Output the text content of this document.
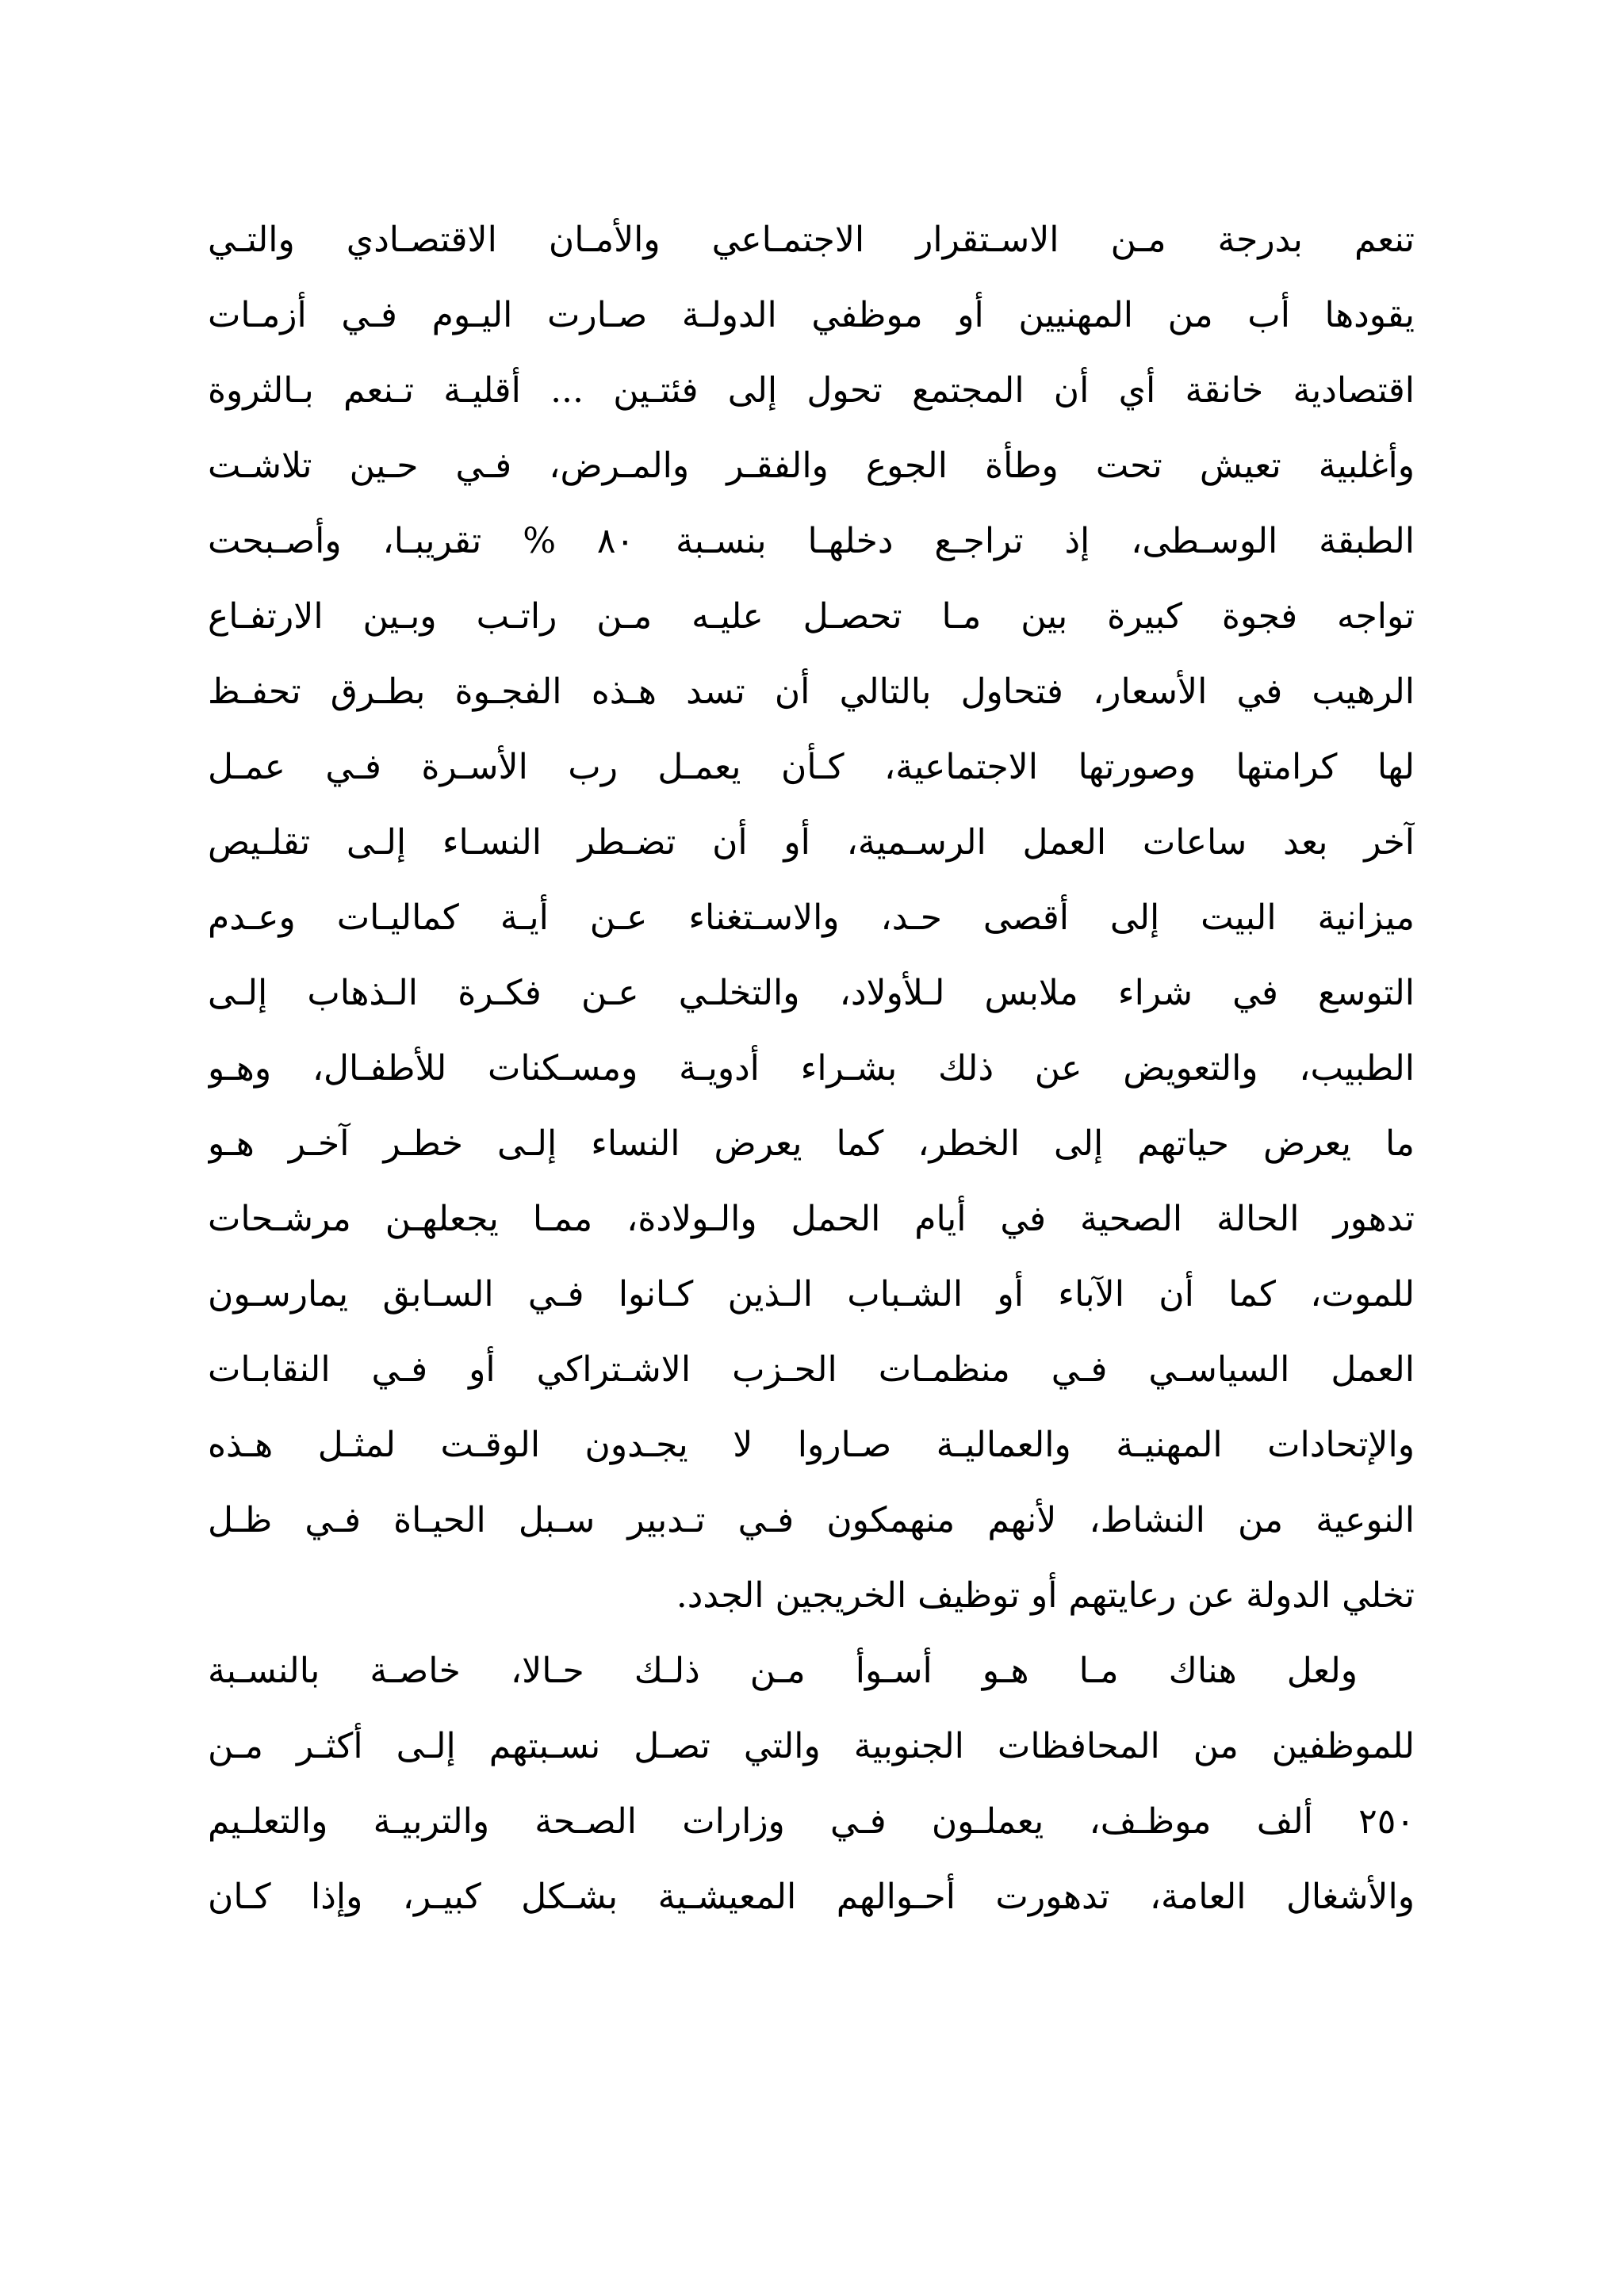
تنعم بدرجة مـن الاسـتقرار الاجتمـاعي والأمـان الاقتصـادي والتـي
يقودها أب من المهنيين أو موظفي الدولـة صـارت اليـوم فـي أزمـات
اقتصادية خانقة أي أن المجتمع تحول إلى فئتـين ... أقليـة تـنعم بـالثروة
وأغلبية تعيش تحت وطأة الجوع والفقـر والمـرض، فـي حـين تلاشـت
الطبقة الوسـطى، إذ تراجـع دخلهـا بنسـبة ٨٠ % تقريبـا، وأصـبحت
تواجه فجوة كبيرة بين مـا تحصـل عليـه مـن راتـب وبـين الارتفـاع
الرهيب في الأسعار، فتحاول بالتالي أن تسد هـذه الفجـوة بطـرق تحفـظ
لها كرامتها وصورتها الاجتماعية، كـأن يعمـل رب الأسـرة فـي عمـل
آخر بعد ساعات العمل الرسـمية، أو أن تضـطر النسـاء إلـى تقلـيص
ميزانية البيت إلى أقصى حـد، والاسـتغناء عـن أيـة كماليـات وعـدم
التوسع في شراء ملابس لـلأولاد، والتخلـي عـن فكـرة الـذهاب إلـى
الطبيب، والتعويض عن ذلك بشـراء أدويـة ومسـكنات للأطفـال، وهـو
ما يعرض حياتهم إلى الخطر، كما يعرض النساء إلـى خطـر آخـر هـو
تدهور الحالة الصحية في أيام الحمل والـولادة، ممـا يجعلهـن مرشـحات
للموت، كما أن الآباء أو الشـباب الـذين كـانوا فـي السـابق يمارسـون
العمل السياسـي فـي منظمـات الحـزب الاشـتراكي أو فـي النقابـات
والإتحادات المهنيـة والعماليـة صـاروا لا يجـدون الوقـت لمثـل هـذه
النوعية من النشاط، لأنهم منهمكون فـي تـدبير سـبل الحيـاة فـي ظـل
تخلي الدولة عن رعايتهم أو توظيف الخريجين الجدد.
ولعل هناك مـا هـو أسـوأ مـن ذلـك حـالا، خاصـة بالنسـبة
للموظفين من المحافظات الجنوبية والتي تصـل نسـبتهم إلـى أكثـر مـن
٢٥٠ ألف موظـف، يعملـون فـي وزارات الصـحة والتربيـة والتعلـيم
والأشغال العامة، تدهورت أحـوالهم المعيشـية بشـكل كبيـر، وإذا كـان
